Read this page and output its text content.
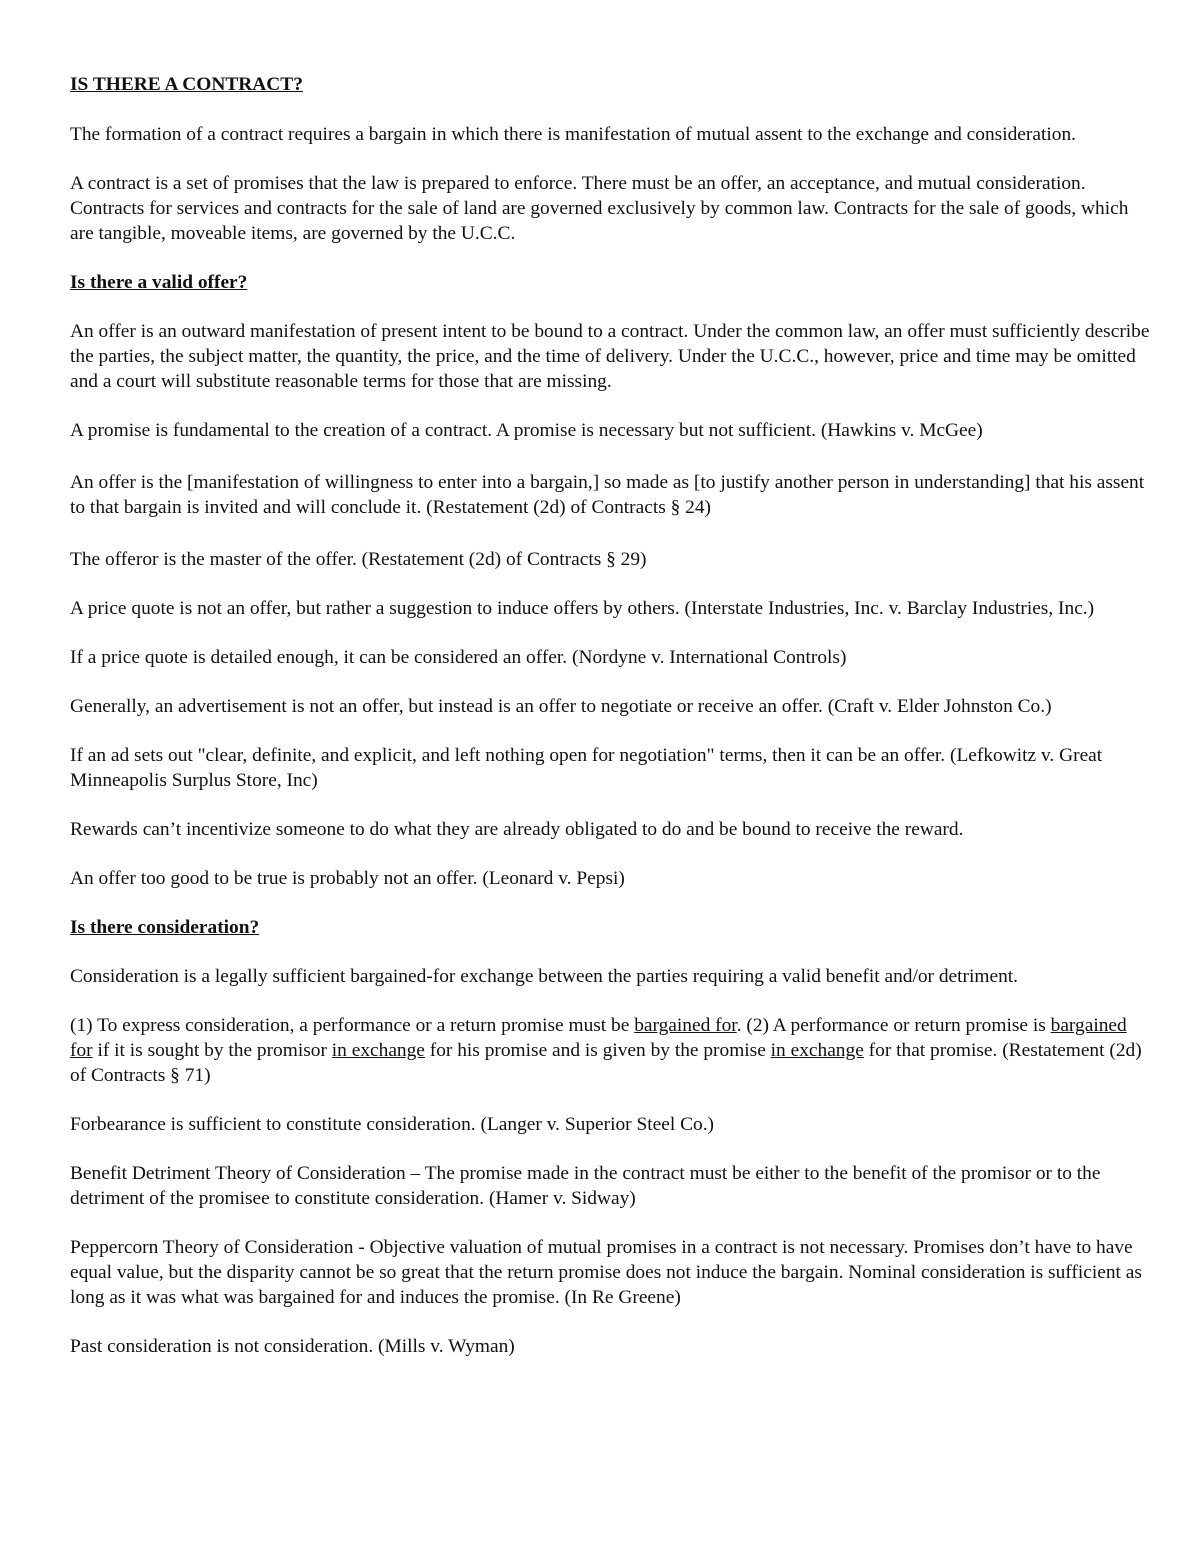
IS THERE A CONTRACT?

The formation of a contract requires a bargain in which there is manifestation of mutual assent to the exchange and consideration.

A contract is a set of promises that the law is prepared to enforce. There must be an offer, an acceptance, and mutual consideration. Contracts for services and contracts for the sale of land are governed exclusively by common law. Contracts for the sale of goods, which are tangible, moveable items, are governed by the U.C.C.

Is there a valid offer?

An offer is an outward manifestation of present intent to be bound to a contract. Under the common law, an offer must sufficiently describe the parties, the subject matter, the quantity, the price, and the time of delivery. Under the U.C.C., however, price and time may be omitted and a court will substitute reasonable terms for those that are missing.

A promise is fundamental to the creation of a contract. A promise is necessary but not sufficient. (Hawkins v. McGee)

An offer is the [manifestation of willingness to enter into a bargain,] so made as [to justify another person in understanding] that his assent to that bargain is invited and will conclude it. (Restatement (2d) of Contracts § 24)

The offeror is the master of the offer. (Restatement (2d) of Contracts § 29)

A price quote is not an offer, but rather a suggestion to induce offers by others. (Interstate Industries, Inc. v. Barclay Industries, Inc.)

If a price quote is detailed enough, it can be considered an offer. (Nordyne v. International Controls)

Generally, an advertisement is not an offer, but instead is an offer to negotiate or receive an offer. (Craft v. Elder Johnston Co.)

If an ad sets out "clear, definite, and explicit, and left nothing open for negotiation" terms, then it can be an offer. (Lefkowitz v. Great Minneapolis Surplus Store, Inc)

Rewards can’t incentivize someone to do what they are already obligated to do and be bound to receive the reward.

An offer too good to be true is probably not an offer. (Leonard v. Pepsi)

Is there consideration?

Consideration is a legally sufficient bargained-for exchange between the parties requiring a valid benefit and/or detriment.

(1) To express consideration, a performance or a return promise must be bargained for. (2) A performance or return promise is bargained for if it is sought by the promisor in exchange for his promise and is given by the promise in exchange for that promise. (Restatement (2d) of Contracts § 71)

Forbearance is sufficient to constitute consideration. (Langer v. Superior Steel Co.)

Benefit Detriment Theory of Consideration – The promise made in the contract must be either to the benefit of the promisor or to the detriment of the promisee to constitute consideration. (Hamer v. Sidway)

Peppercorn Theory of Consideration - Objective valuation of mutual promises in a contract is not necessary. Promises don’t have to have equal value, but the disparity cannot be so great that the return promise does not induce the bargain. Nominal consideration is sufficient as long as it was what was bargained for and induces the promise. (In Re Greene)

Past consideration is not consideration. (Mills v. Wyman)
